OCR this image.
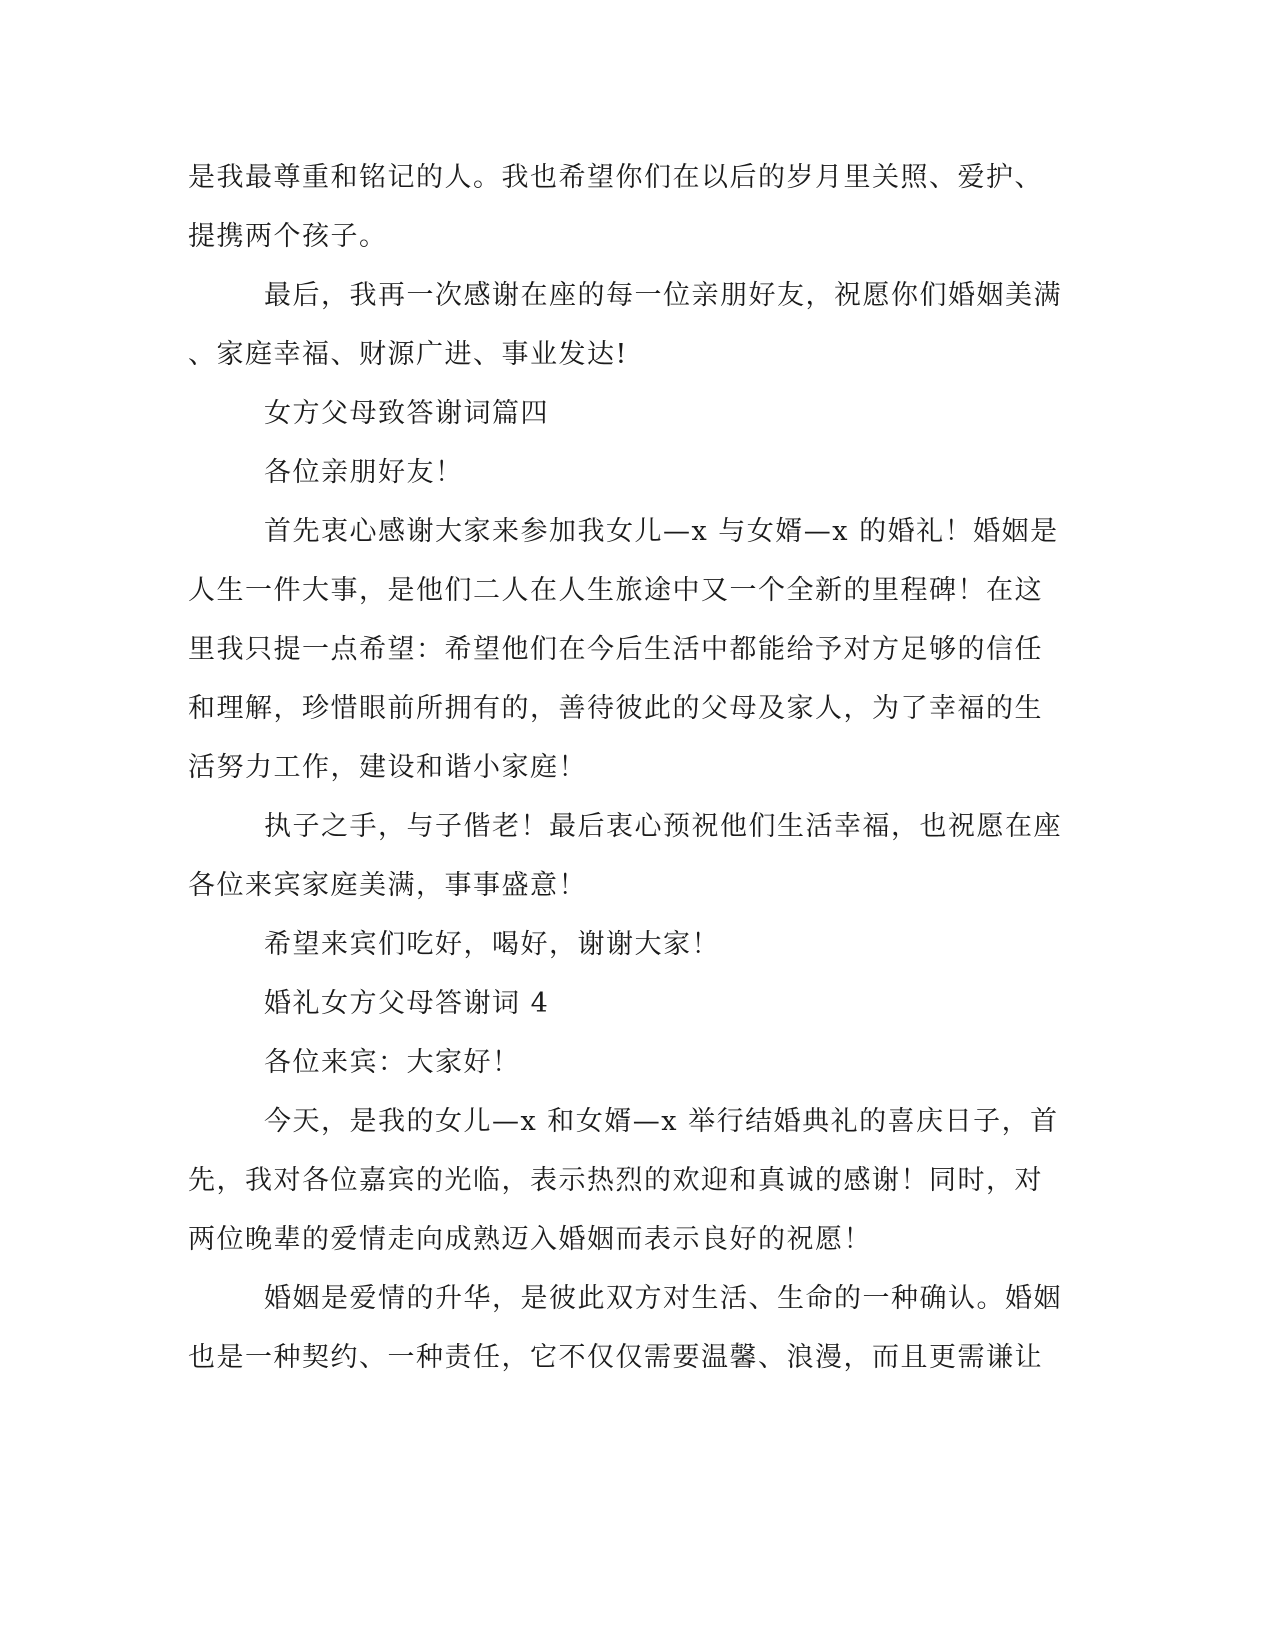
是我最尊重和铭记的人。我也希望你们在以后的岁月里关照、爱护、
提携两个孩子。
最后，我再一次感谢在座的每一位亲朋好友，祝愿你们婚姻美满
、家庭幸福、财源广进、事业发达!
女方父母致答谢词篇四
各位亲朋好友！
首先衷心感谢大家来参加我女儿—x 与女婿—x 的婚礼！婚姻是
人生一件大事，是他们二人在人生旅途中又一个全新的里程碑！在这
里我只提一点希望：希望他们在今后生活中都能给予对方足够的信任
和理解，珍惜眼前所拥有的，善待彼此的父母及家人，为了幸福的生
活努力工作，建设和谐小家庭！
执子之手，与子偕老！最后衷心预祝他们生活幸福，也祝愿在座
各位来宾家庭美满，事事盛意！
希望来宾们吃好，喝好，谢谢大家！
婚礼女方父母答谢词 4
各位来宾：大家好！
今天，是我的女儿—x 和女婿—x 举行结婚典礼的喜庆日子，首
先，我对各位嘉宾的光临，表示热烈的欢迎和真诚的感谢！同时，对
两位晚辈的爱情走向成熟迈入婚姻而表示良好的祝愿！
婚姻是爱情的升华，是彼此双方对生活、生命的一种确认。婚姻
也是一种契约、一种责任，它不仅仅需要温馨、浪漫，而且更需谦让
